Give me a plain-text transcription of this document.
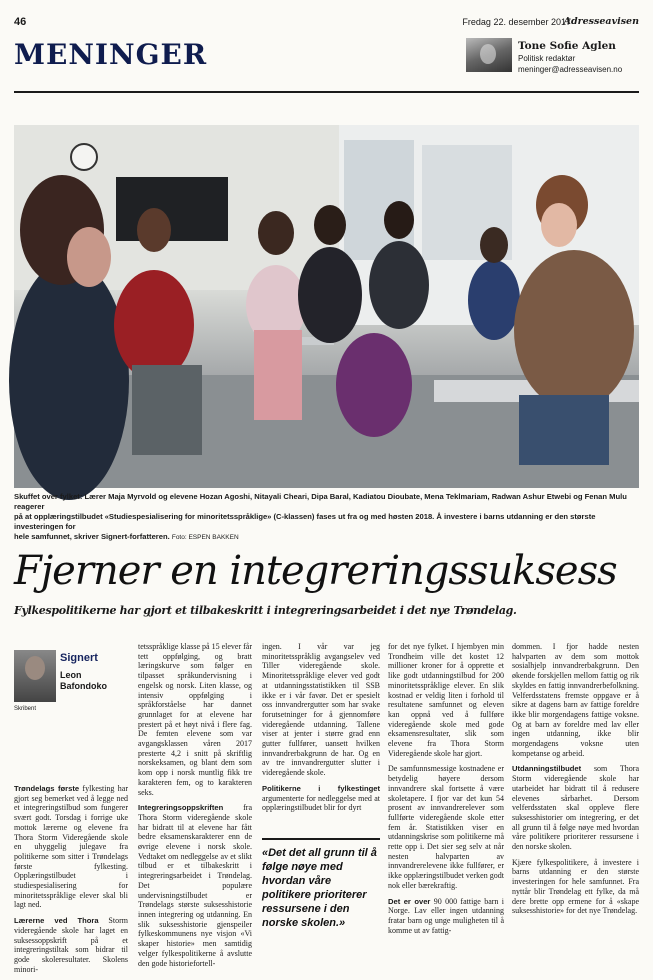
46	Fredag 22. desember 2017
Adresseavisen
MENINGER	Tone Sofie Aglen
Politisk redaktør
meninger@adresseavisen.no
Skuffet over fylket: Lærer Maja Myrvold og elevene Hozan Agoshi, Nitayali Cheari, Dipa Baral, Kadiatou Dioubate, Mena Teklmariam, Radwan Ashur Etwebi og Fenan Mulu reagerer
på at opplæringstilbudet «Studiespesialisering for minoritetsspråklige» (C-klassen) fases ut fra og med høsten 2018. Å investere i barns utdanning er den største investeringen for
hele samfunnet, skriver Signert-forfatteren. Foto: ESPEN BAKKEN
Fjerner en integreringssuksess
Fylkespolitikerne har gjort et tilbakeskritt i integreringsarbeidet i det nye Trøndelag.
Signert
Leon Bafondoko
Skribent

Trøndelags første fylkesting har gjort seg bemerket ved å legge ned et integreringstilbud som fungerer svært godt. Torsdag i forrige uke mottok lærerne og elevene fra Thora Storm Videregående skole en uhyggelig julegave fra politikerne som sitter i Trøndelags første fylkesting. Opplæringstilbudet i studiespesialisering for minoritetsspråklige elever skal bli lagt ned.

Lærerne ved Thora Storm videregående skole har laget en suksessoppskrift på et integreringstiltak som bidrar til gode skoleresultater. Skolens minori-

tetsspråklige klasse på 15 elever får tett oppfølging, og bratt læringskurve som følger en tilpasset språkundervisning i engelsk og norsk. Liten klasse, og intensiv oppfølging i språkforståelse har dannet grunnlaget for at elevene har prestert på et høyt nivå i flere fag. De femten elevene som var avgangsklassen våren 2017 presterte 4,2 i snitt på skriftlig norskeksamen, og blant dem som kom opp i norsk muntlig fikk tre karakteren fem, og to karakteren seks.

Integreringsoppskriften fra Thora Storm videregående skole har bidratt til at elevene har fått bedre eksamenskarakterer enn de øvrige elevene i norsk skole. Vedtaket om nedleggelse av et slikt tilbud er et tilbakeskritt i integreringsarbeidet i Trøndelag. Det populære undervisningstilbudet er Trøndelags største suksesshistorie innen integrering og utdanning. En slik suksesshistorie gjenspeiler fylkeskommunens nye visjon «Vi skaper historie» men samtidig velger fylkespolitikerne å avslutte den gode historiefortell-

ingen. I vår var jeg minoritetsspråklig avgangselev ved Tiller videregående skole. Minoritetsspråklige elever ved godt at utdanningsstatistikken til SSB ikke er i vår favør. Det er spesielt oss innvandrergutter som har svake forutsetninger for å gjennomføre videregående utdanning. Tallene viser at jenter i større grad enn gutter fullfører, uansett hvilken innvandrerbakgrunn de har. Og en av tre innvandrergutter slutter i videregående skole.

Politikerne i fylkestinget argumenterte for nedleggelse med at opplæringstilbudet blir for dyrt

«Det det all grunn til å følge nøye med hvordan våre politikere prioriterer ressursene i den norske skolen.»

for det nye fylket. I hjembyen min Trondheim ville det kostet 12 millioner kroner for å opprette et like godt utdanningstilbud for 200 minoritetsspråklige elever. En slik kostnad er veldig liten i forhold til resultatene samfunnet og eleven kan oppnå ved å fullføre videregående skole med gode eksamensresultater, slik som elevene fra Thora Storm Videregående skole har gjort.

De samfunnsmessige kostnadene er betydelig høyere dersom innvandrere skal fortsette å være skoletapere. I fjor var det kun 54 prosent av innvandrerelever som fullførte videregående skole etter fem år. Statistikken viser en utdanningskrise som politikerne må rette opp i. Det sier seg selv at når nesten halvparten av innvandrerelevene ikke fullfører, er ikke opplæringstilbudet verken godt nok eller bærekraftig.

Det er over 90 000 fattige barn i Norge. Lav eller ingen utdanning fratar barn og unge muligheten til å komme ut av fattig-

dommen. I fjor hadde nesten halvparten av dem som mottok sosialhjelp innvandrerbakgrunn. Den økende forskjellen mellom fattig og rik skyldes en fattig innvandrerbefolkning. Velferdsstatens fremste oppgave er å sikre at dagens barn av fattige foreldre ikke blir morgendagens fattige voksne. Og at barn av foreldre med lav eller ingen utdanning, ikke blir morgendagens voksne uten kompetanse og arbeid.

Utdanningstilbudet som Thora Storm videregående skole har utarbeidet har bidratt til å redusere elevenes sårbarhet. Dersom velferdsstaten skal oppleve flere suksesshistorier om integrering, er det all grunn til å følge nøye med hvordan våre politikere prioriterer ressursene i den norske skolen.

Kjære fylkespolitikere, å investere i barns utdanning er den største investeringen for hele samfunnet. Fra nyttår blir Trøndelag ett fylke, da må dere brette opp ermene for å «skape suksesshistorie» for det nye Trøndelag.
